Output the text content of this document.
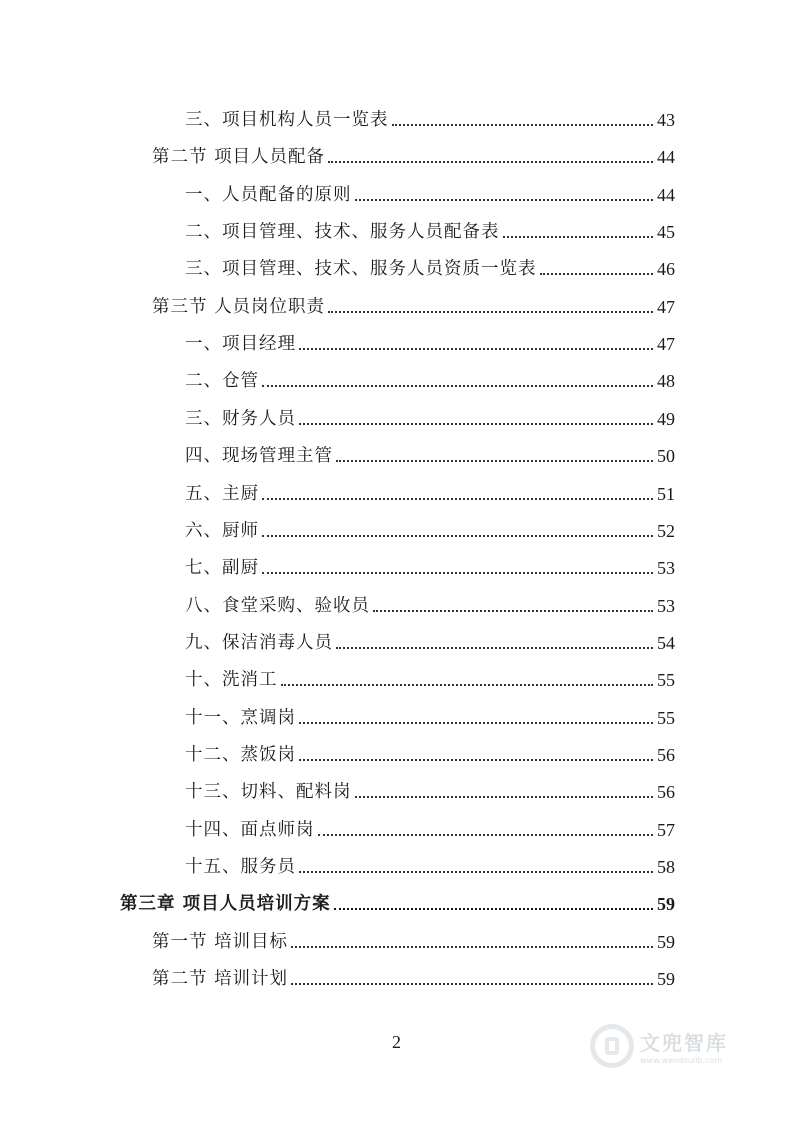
三、项目机构人员一览表	43
第二节 项目人员配备	44
一、人员配备的原则	44
二、项目管理、技术、服务人员配备表	45
三、项目管理、技术、服务人员资质一览表	46
第三节 人员岗位职责	47
一、项目经理	47
二、仓管	48
三、财务人员	49
四、现场管理主管	50
五、主厨	51
六、厨师	52
七、副厨	53
八、食堂采购、验收员	53
九、保洁消毒人员	54
十、洗消工	55
十一、烹调岗	55
十二、蒸饭岗	56
十三、切料、配料岗	56
十四、面点师岗	57
十五、服务员	58
第三章 项目人员培训方案	59
第一节 培训目标	59
第二节 培训计划	59
2	文兜智库
www.wendoulib.com
